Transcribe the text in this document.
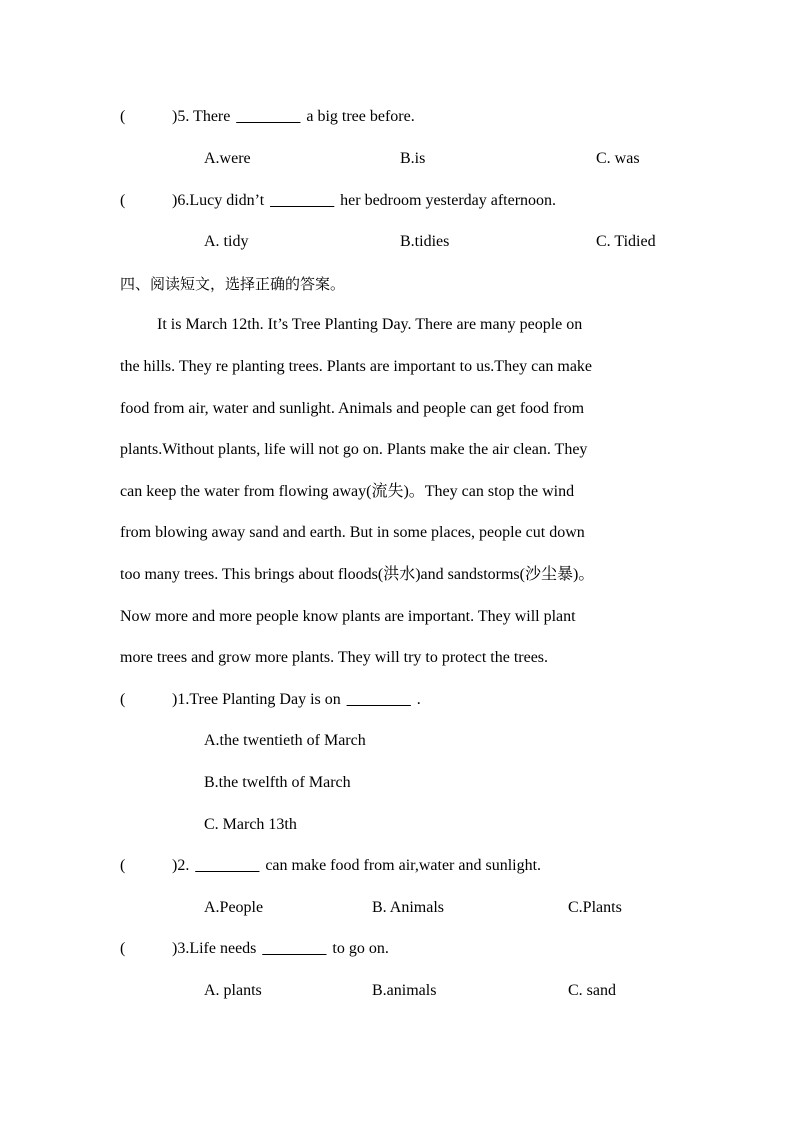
(	)5. There ________ a big tree before.
A.were	B.is	C. was
(	)6.Lucy didn’t ________ her bedroom yesterday afternoon.
A. tidy	B.tidies	C. Tidied
四、阅读短文，选择正确的答案。
It is March 12th. It’s Tree Planting Day. There are many people on
the hills. They re planting trees. Plants are important to us.They can make
food from air, water and sunlight. Animals and people can get food from
plants.Without plants, life will not go on. Plants make the air clean. They
can keep the water from flowing away(流失)。They can stop the wind
from blowing away sand and earth. But in some places, people cut down
too many trees. This brings about floods(洪水)and sandstorms(沙尘暴)。
Now more and more people know plants are important. They will plant
more trees and grow more plants. They will try to protect the trees.
(	)1.Tree Planting Day is on ________ .
A.the twentieth of March
B.the twelfth of March
C. March 13th
(	)2. ________ can make food from air,water and sunlight.
A.People	B. Animals	C.Plants
(	)3.Life needs ________ to go on.
A. plants	B.animals	C. sand
